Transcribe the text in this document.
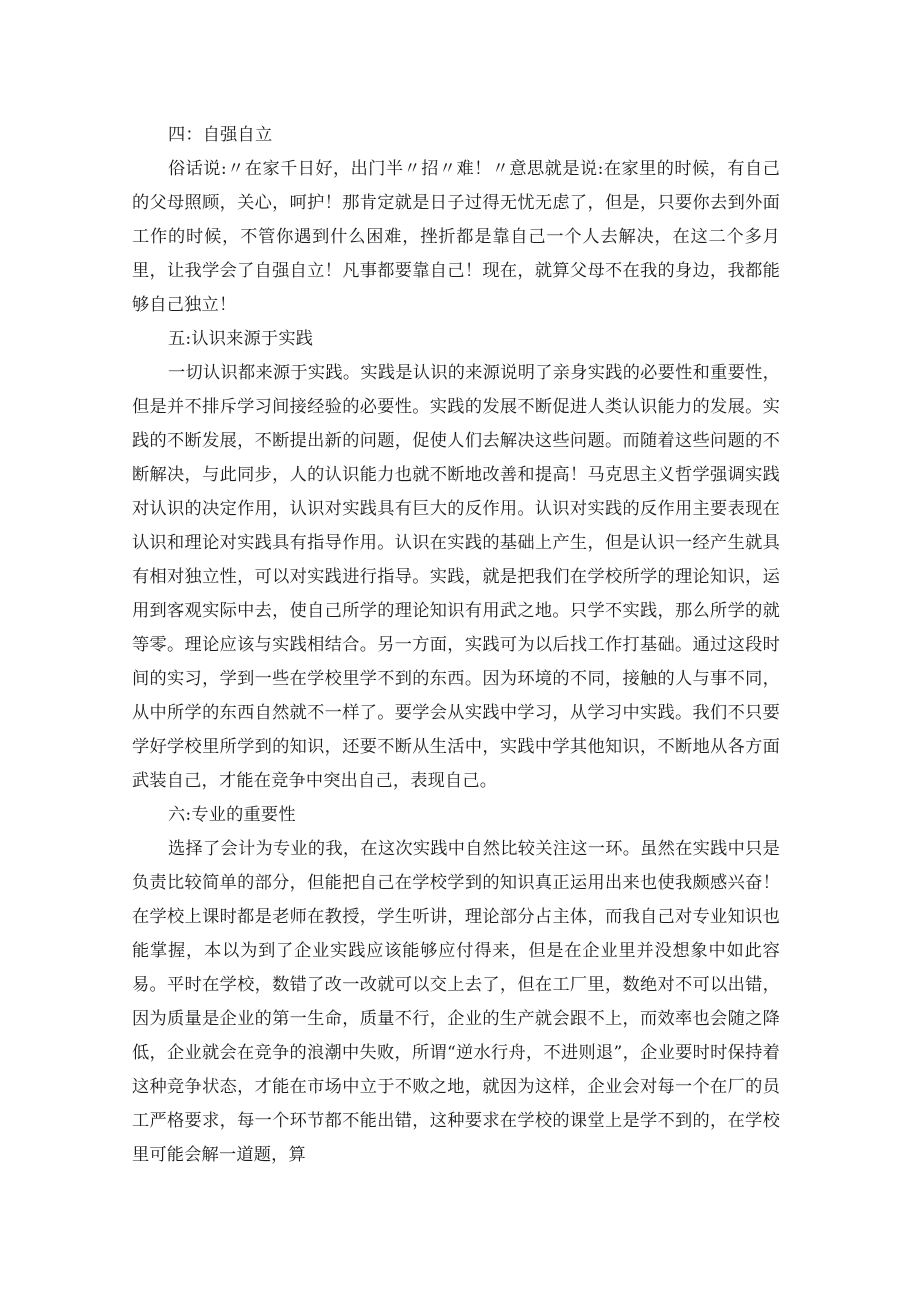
四：自强自立

俗话说:〃在家千日好，出门半〃招〃难！〃意思就是说:在家里的时候，有自己的父母照顾，关心，呵护！那肯定就是日子过得无忧无虑了，但是，只要你去到外面工作的时候，不管你遇到什么困难，挫折都是靠自己一个人去解决，在这二个多月里，让我学会了自强自立！凡事都要靠自己！现在，就算父母不在我的身边，我都能够自己独立！

五:认识来源于实践

一切认识都来源于实践。实践是认识的来源说明了亲身实践的必要性和重要性，但是并不排斥学习间接经验的必要性。实践的发展不断促进人类认识能力的发展。实践的不断发展，不断提出新的问题，促使人们去解决这些问题。而随着这些问题的不断解决，与此同步，人的认识能力也就不断地改善和提高！马克思主义哲学强调实践对认识的决定作用，认识对实践具有巨大的反作用。认识对实践的反作用主要表现在认识和理论对实践具有指导作用。认识在实践的基础上产生，但是认识一经产生就具有相对独立性，可以对实践进行指导。实践，就是把我们在学校所学的理论知识，运用到客观实际中去，使自己所学的理论知识有用武之地。只学不实践，那么所学的就等零。理论应该与实践相结合。另一方面，实践可为以后找工作打基础。通过这段时间的实习，学到一些在学校里学不到的东西。因为环境的不同，接触的人与事不同，从中所学的东西自然就不一样了。要学会从实践中学习，从学习中实践。我们不只要学好学校里所学到的知识，还要不断从生活中，实践中学其他知识，不断地从各方面武装自己，才能在竞争中突出自己，表现自己。

六:专业的重要性

选择了会计为专业的我，在这次实践中自然比较关注这一环。虽然在实践中只是负责比较简单的部分，但能把自己在学校学到的知识真正运用出来也使我颇感兴奋！在学校上课时都是老师在教授，学生听讲，理论部分占主体，而我自己对专业知识也能掌握，本以为到了企业实践应该能够应付得来，但是在企业里并没想象中如此容易。平时在学校，数错了改一改就可以交上去了，但在工厂里，数绝对不可以出错，因为质量是企业的第一生命，质量不行，企业的生产就会跟不上，而效率也会随之降低，企业就会在竞争的浪潮中失败，所谓“逆水行舟，不进则退”，企业要时时保持着这种竞争状态，才能在市场中立于不败之地，就因为这样，企业会对每一个在厂的员工严格要求，每一个环节都不能出错，这种要求在学校的课堂上是学不到的，在学校里可能会解一道题，算
